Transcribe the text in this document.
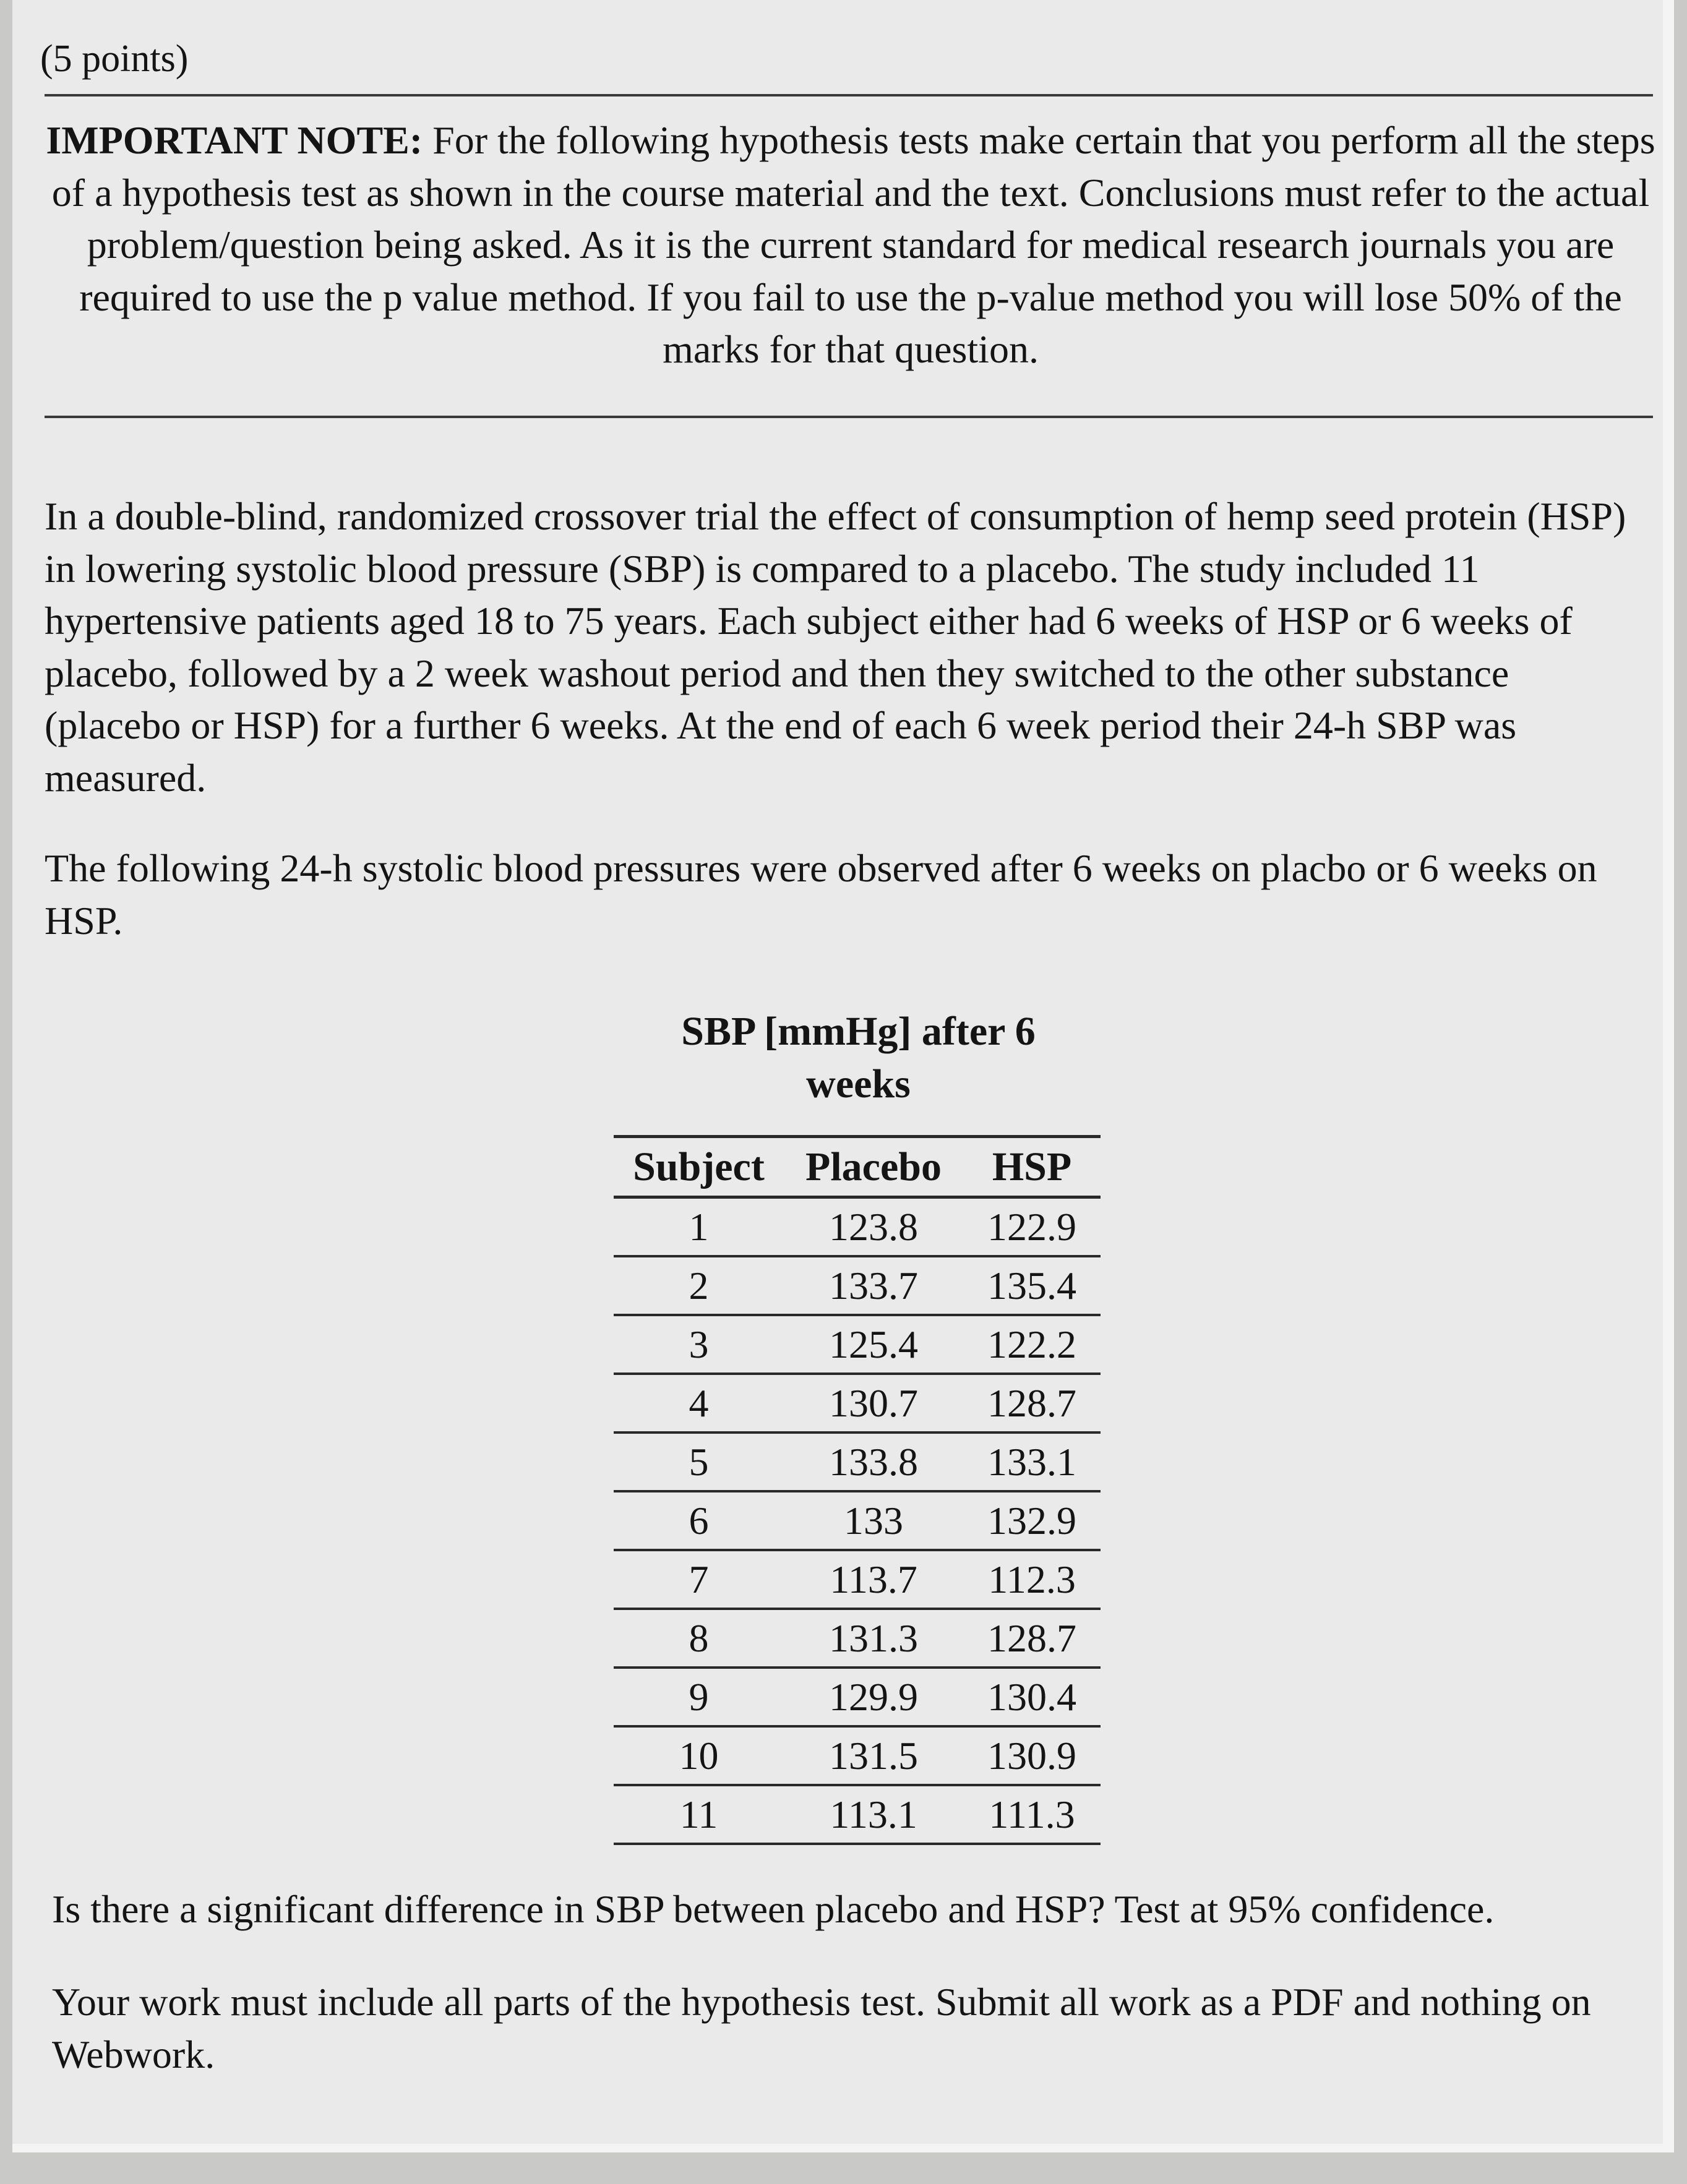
(5 points)
IMPORTANT NOTE: For the following hypothesis tests make certain that you perform all the steps of a hypothesis test as shown in the course material and the text. Conclusions must refer to the actual problem/question being asked. As it is the current standard for medical research journals you are required to use the p value method. If you fail to use the p-value method you will lose 50% of the marks for that question.
In a double-blind, randomized crossover trial the effect of consumption of hemp seed protein (HSP) in lowering systolic blood pressure (SBP) is compared to a placebo. The study included 11 hypertensive patients aged 18 to 75 years. Each subject either had 6 weeks of HSP or 6 weeks of placebo, followed by a 2 week washout period and then they switched to the other substance (placebo or HSP) for a further 6 weeks. At the end of each 6 week period their 24-h SBP was measured.
The following 24-h systolic blood pressures were observed after 6 weeks on placbo or 6 weeks on HSP.
SBP [mmHg] after 6
weeks
Subject	Placebo	HSP
1	123.8	122.9
2	133.7	135.4
3	125.4	122.2
4	130.7	128.7
5	133.8	133.1
6	133	132.9
7	113.7	112.3
8	131.3	128.7
9	129.9	130.4
10	131.5	130.9
11	113.1	111.3
Is there a significant difference in SBP between placebo and HSP? Test at 95% confidence.
Your work must include all parts of the hypothesis test. Submit all work as a PDF and nothing on Webwork.
